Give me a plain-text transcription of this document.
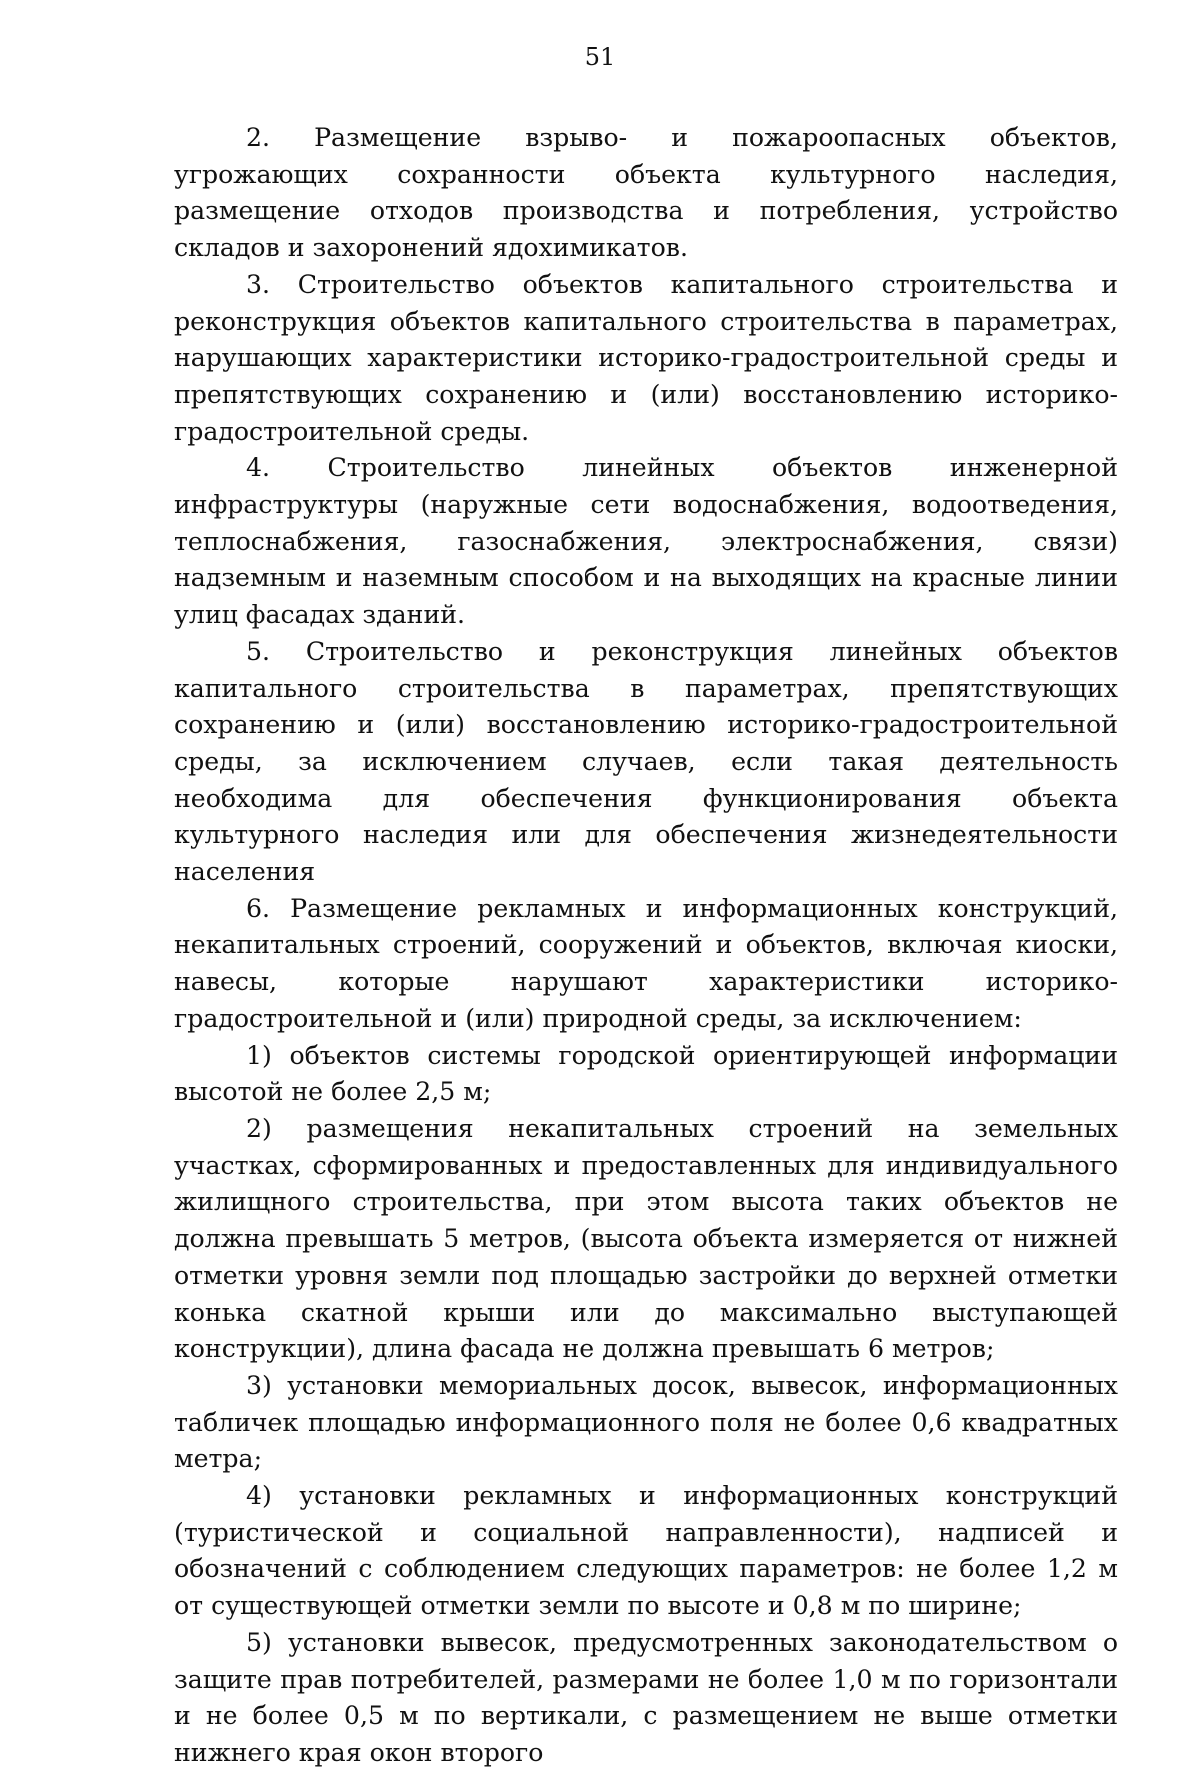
51

2. Размещение взрыво- и пожароопасных объектов, угрожающих сохранности объекта культурного наследия, размещение отходов производства и потребления, устройство складов и захоронений ядохимикатов.

3. Строительство объектов капитального строительства и реконструкция объектов капитального строительства в параметрах, нарушающих характеристики историко-градостроительной среды и препятствующих сохранению и (или) восстановлению историко-градостроительной среды.

4. Строительство линейных объектов инженерной инфраструктуры (наружные сети водоснабжения, водоотведения, теплоснабжения, газоснабжения, электроснабжения, связи) надземным и наземным способом и на выходящих на красные линии улиц фасадах зданий.

5. Строительство и реконструкция линейных объектов капитального строительства в параметрах, препятствующих сохранению и (или) восстановлению историко-градостроительной среды, за исключением случаев, если такая деятельность необходима для обеспечения функционирования объекта культурного наследия или для обеспечения жизнедеятельности населения

6. Размещение рекламных и информационных конструкций, некапитальных строений, сооружений и объектов, включая киоски, навесы, которые нарушают характеристики историко-градостроительной и (или) природной среды, за исключением:

1) объектов системы городской ориентирующей информации высотой не более 2,5 м;

2) размещения некапитальных строений на земельных участках, сформированных и предоставленных для индивидуального жилищного строительства, при этом высота таких объектов не должна превышать 5 метров, (высота объекта измеряется от нижней отметки уровня земли под площадью застройки до верхней отметки конька скатной крыши или до максимально выступающей конструкции), длина фасада не должна превышать 6 метров;

3) установки мемориальных досок, вывесок, информационных табличек площадью информационного поля не более 0,6 квадратных метра;

4) установки рекламных и информационных конструкций (туристической и социальной направленности), надписей и обозначений с соблюдением следующих параметров: не более 1,2 м от существующей отметки земли по высоте и 0,8 м по ширине;

5) установки вывесок, предусмотренных законодательством о защите прав потребителей, размерами не более 1,0 м по горизонтали и не более 0,5 м по вертикали, с размещением не выше отметки нижнего края окон второго
